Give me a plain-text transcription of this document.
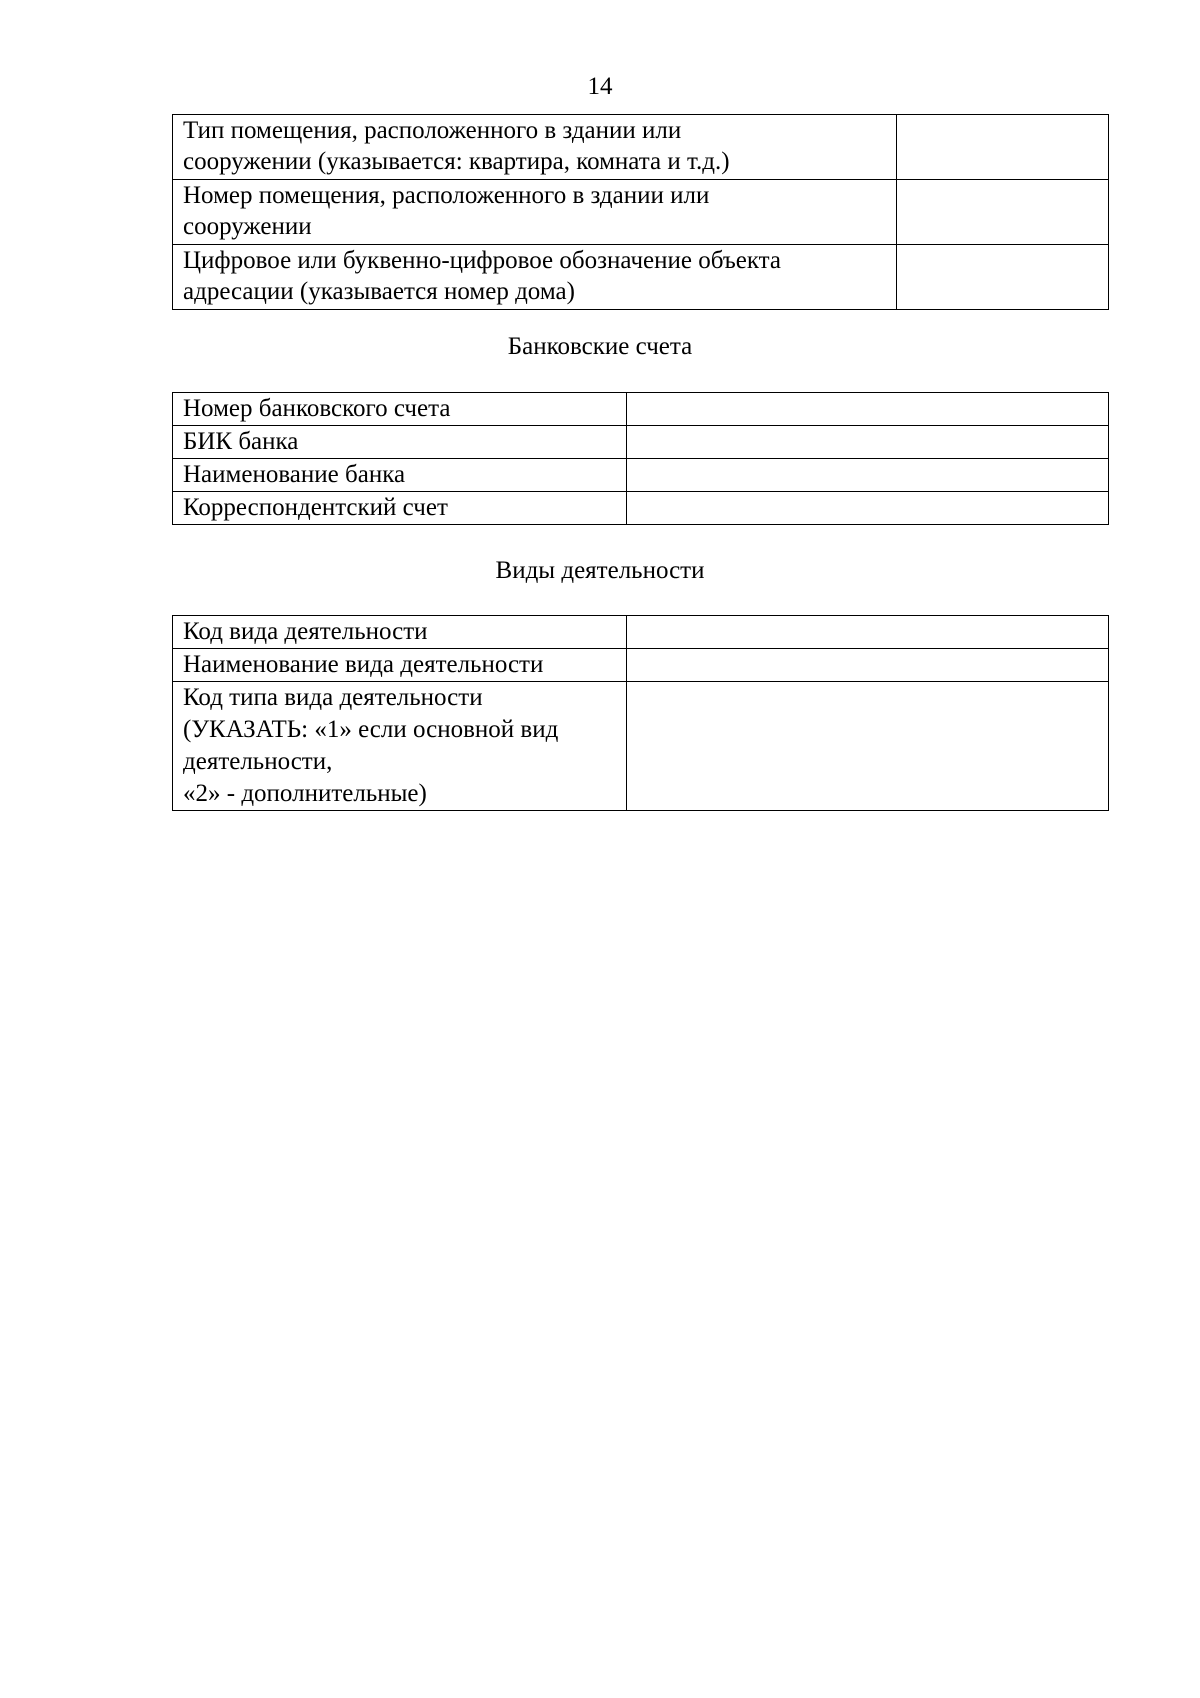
14
Тип помещения, расположенного в здании или
сооружении (указывается: квартира, комната и т.д.)	

Номер помещения, расположенного в здании или
сооружении	

Цифровое или буквенно-цифровое обозначение объекта
адресации (указывается номер дома)	

Банковские счета
Номер банковского счета	
БИК банка	
Наименование банка	
Корреспондентский счет	
Виды деятельности
Код вида деятельности	

Наименование вида деятельности	

Код типа вида деятельности
(УКАЗАТЬ: «1» если основной вид
деятельности,
«2» - дополнительные)	
